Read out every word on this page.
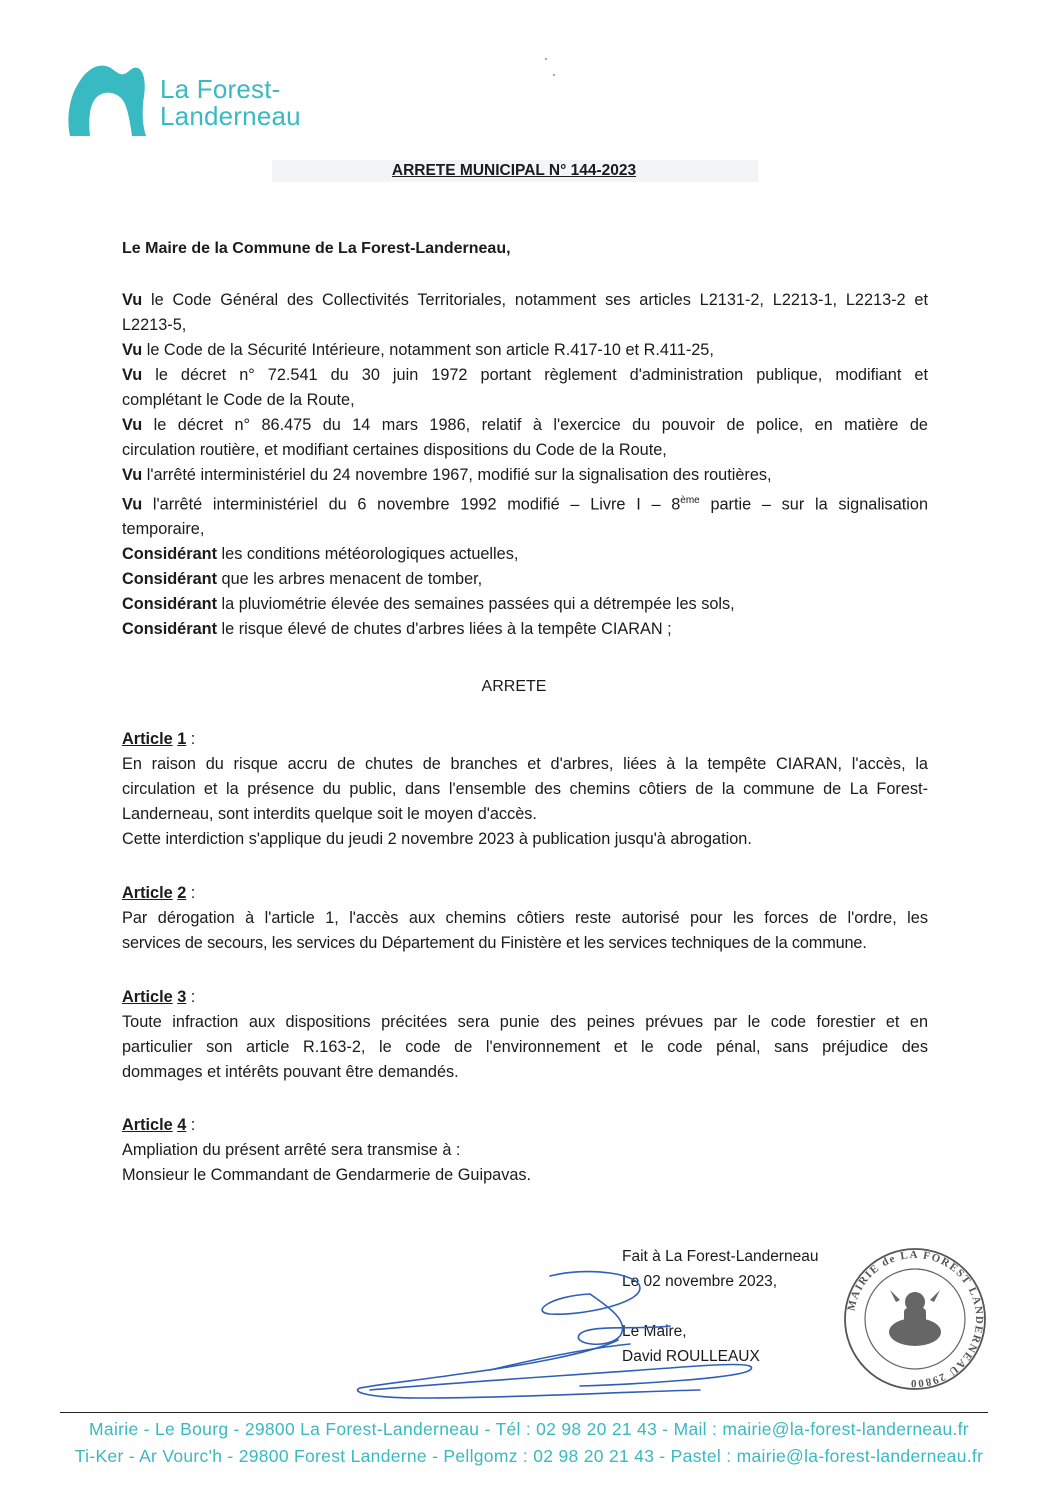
La Forest-
Landerneau
ARRETE MUNICIPAL N° 144-2023
Le Maire de la Commune de La Forest-Landerneau,
Vu le Code Général des Collectivités Territoriales, notamment ses articles L2131-2, L2213-1, L2213-2 et
L2213-5,
Vu le Code de la Sécurité Intérieure, notamment son article R.417-10 et R.411-25,
Vu le décret n° 72.541 du 30 juin 1972 portant règlement d'administration publique, modifiant et
complétant le Code de la Route,
Vu le décret n° 86.475 du 14 mars 1986, relatif à l'exercice du pouvoir de police, en matière de
circulation routière, et modifiant certaines dispositions du Code de la Route,
Vu l'arrêté interministériel du 24 novembre 1967, modifié sur la signalisation des routières,
Vu l'arrêté interministériel du 6 novembre 1992 modifié – Livre I – 8ème partie – sur la signalisation
temporaire,
Considérant les conditions météorologiques actuelles,
Considérant que les arbres menacent de tomber,
Considérant la pluviométrie élevée des semaines passées qui a détrempée les sols,
Considérant le risque élevé de chutes d'arbres liées à la tempête CIARAN ;
ARRETE
Article 1 :
En raison du risque accru de chutes de branches et d'arbres, liées à la tempête CIARAN, l'accès, la
circulation et la présence du public, dans l'ensemble des chemins côtiers de la commune de La Forest-
Landerneau, sont interdits quelque soit le moyen d'accès.
Cette interdiction s'applique du jeudi 2 novembre 2023 à publication jusqu'à abrogation.
Article 2 :
Par dérogation à l'article 1, l'accès aux chemins côtiers reste autorisé pour les forces de l'ordre, les
services de secours, les services du Département du Finistère et les services techniques de la commune.
Article 3 :
Toute infraction aux dispositions précitées sera punie des peines prévues par le code forestier et en
particulier son article R.163-2, le code de l'environnement et le code pénal, sans préjudice des
dommages et intérêts pouvant être demandés.
Article 4 :
Ampliation du présent arrêté sera transmise à :
Monsieur le Commandant de Gendarmerie de Guipavas.
Fait à La Forest-Landerneau
Le 02 novembre 2023,
Le Maire,
David ROULLEAUX
MAIRIE de LA FOREST LANDERNEAU 29800
Mairie - Le Bourg - 29800 La Forest-Landerneau - Tél : 02 98 20 21 43 - Mail : mairie@la-forest-landerneau.fr
Ti-Ker - Ar Vourc'h - 29800 Forest Landerne - Pellgomz : 02 98 20 21 43 - Pastel : mairie@la-forest-landerneau.fr
